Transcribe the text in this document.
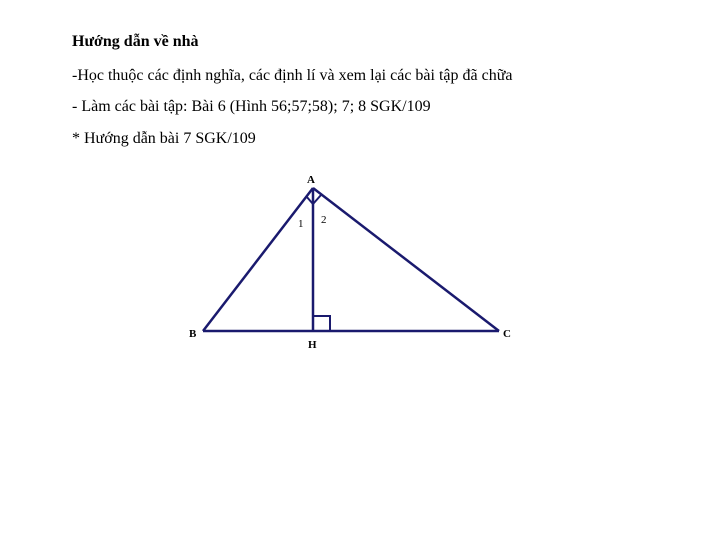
Hướng dẫn về nhà
-Học thuộc các định nghĩa, các định lí và xem lại các bài tập đã chữa
- Làm các bài tập: Bài 6 (Hình 56;57;58); 7; 8 SGK/109
* Hướng dẫn bài 7 SGK/109
A
B	C
H
1 2
